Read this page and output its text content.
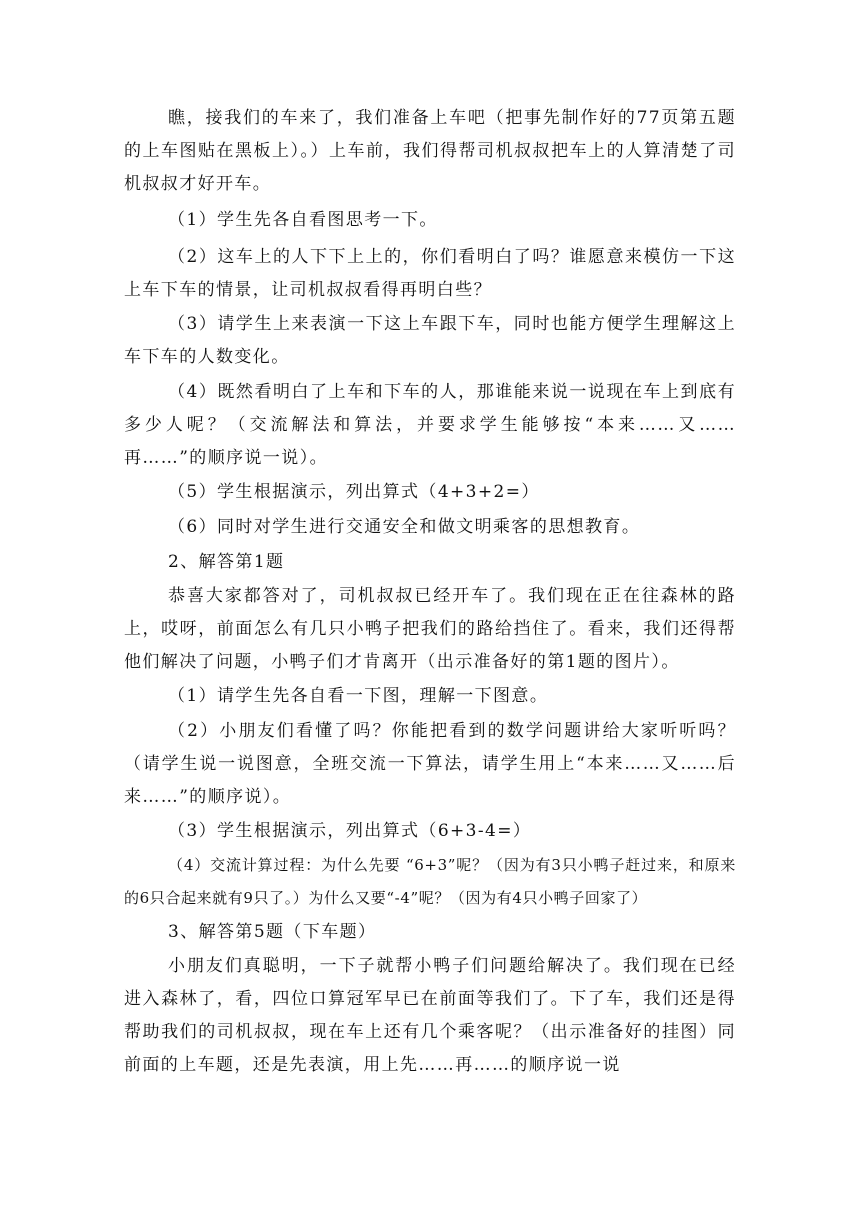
瞧，接我们的车来了，我们准备上车吧（把事先制作好的77页第五题的上车图贴在黑板上）。）上车前，我们得帮司机叔叔把车上的人算清楚了司机叔叔才好开车。

（1）学生先各自看图思考一下。

（2）这车上的人下下上上的，你们看明白了吗？谁愿意来模仿一下这上车下车的情景，让司机叔叔看得再明白些？

（3）请学生上来表演一下这上车跟下车，同时也能方便学生理解这上车下车的人数变化。

（4）既然看明白了上车和下车的人，那谁能来说一说现在车上到底有多少人呢？（交流解法和算法，并要求学生能够按“本来……又……再……”的顺序说一说）。

（5）学生根据演示，列出算式（4+3+2=）

（6）同时对学生进行交通安全和做文明乘客的思想教育。

2、解答第1题

恭喜大家都答对了，司机叔叔已经开车了。我们现在正在往森林的路上，哎呀，前面怎么有几只小鸭子把我们的路给挡住了。看来，我们还得帮他们解决了问题，小鸭子们才肯离开（出示准备好的第1题的图片）。

（1）请学生先各自看一下图，理解一下图意。

（2）小朋友们看懂了吗？你能把看到的数学问题讲给大家听听吗？（请学生说一说图意，全班交流一下算法，请学生用上“本来……又……后来……”的顺序说）。

（3）学生根据演示，列出算式（6+3-4=）

（4）交流计算过程：为什么先要 “6+3”呢？（因为有3只小鸭子赶过来，和原来的6只合起来就有9只了。）为什么又要“-4”呢？（因为有4只小鸭子回家了）

3、解答第5题（下车题）

小朋友们真聪明，一下子就帮小鸭子们问题给解决了。我们现在已经进入森林了，看，四位口算冠军早已在前面等我们了。下了车，我们还是得帮助我们的司机叔叔，现在车上还有几个乘客呢？（出示准备好的挂图）同前面的上车题，还是先表演，用上先……再……的顺序说一说
